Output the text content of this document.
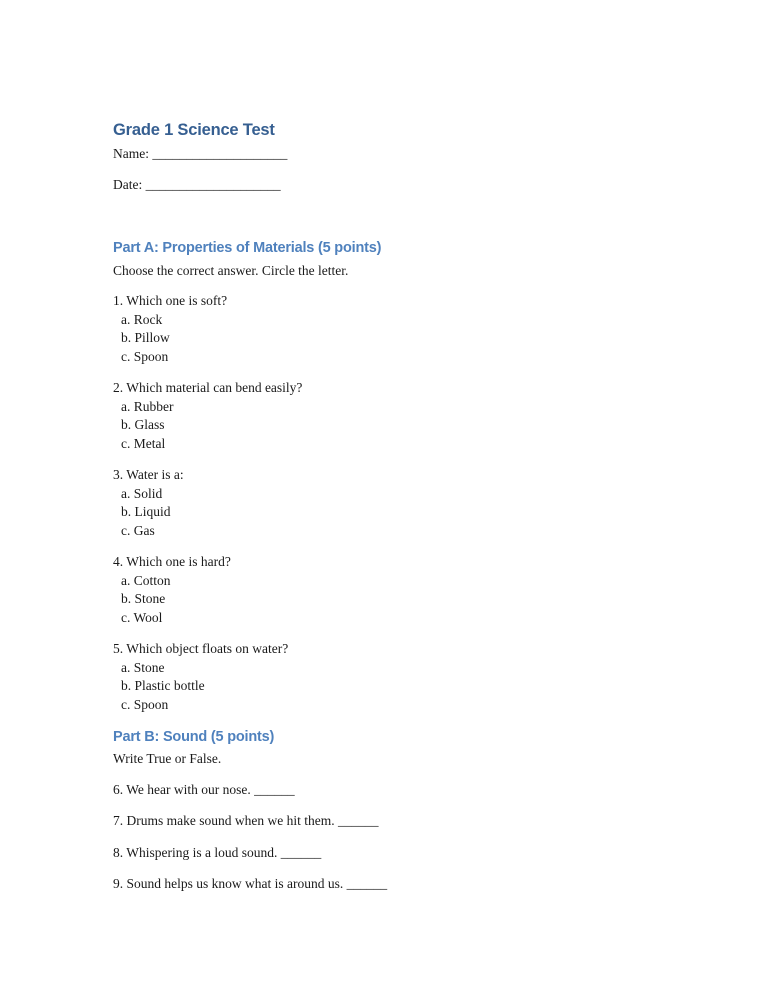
Grade 1 Science Test
Name: ____________________
Date: ____________________
Part A: Properties of Materials (5 points)
Choose the correct answer. Circle the letter.
1. Which one is soft?
a. Rock
b. Pillow
c. Spoon
2. Which material can bend easily?
a. Rubber
b. Glass
c. Metal
3. Water is a:
a. Solid
b. Liquid
c. Gas
4. Which one is hard?
a. Cotton
b. Stone
c. Wool
5. Which object floats on water?
a. Stone
b. Plastic bottle
c. Spoon
Part B: Sound (5 points)
Write True or False.
6. We hear with our nose. ______
7. Drums make sound when we hit them. ______
8. Whispering is a loud sound. ______
9. Sound helps us know what is around us. ______
